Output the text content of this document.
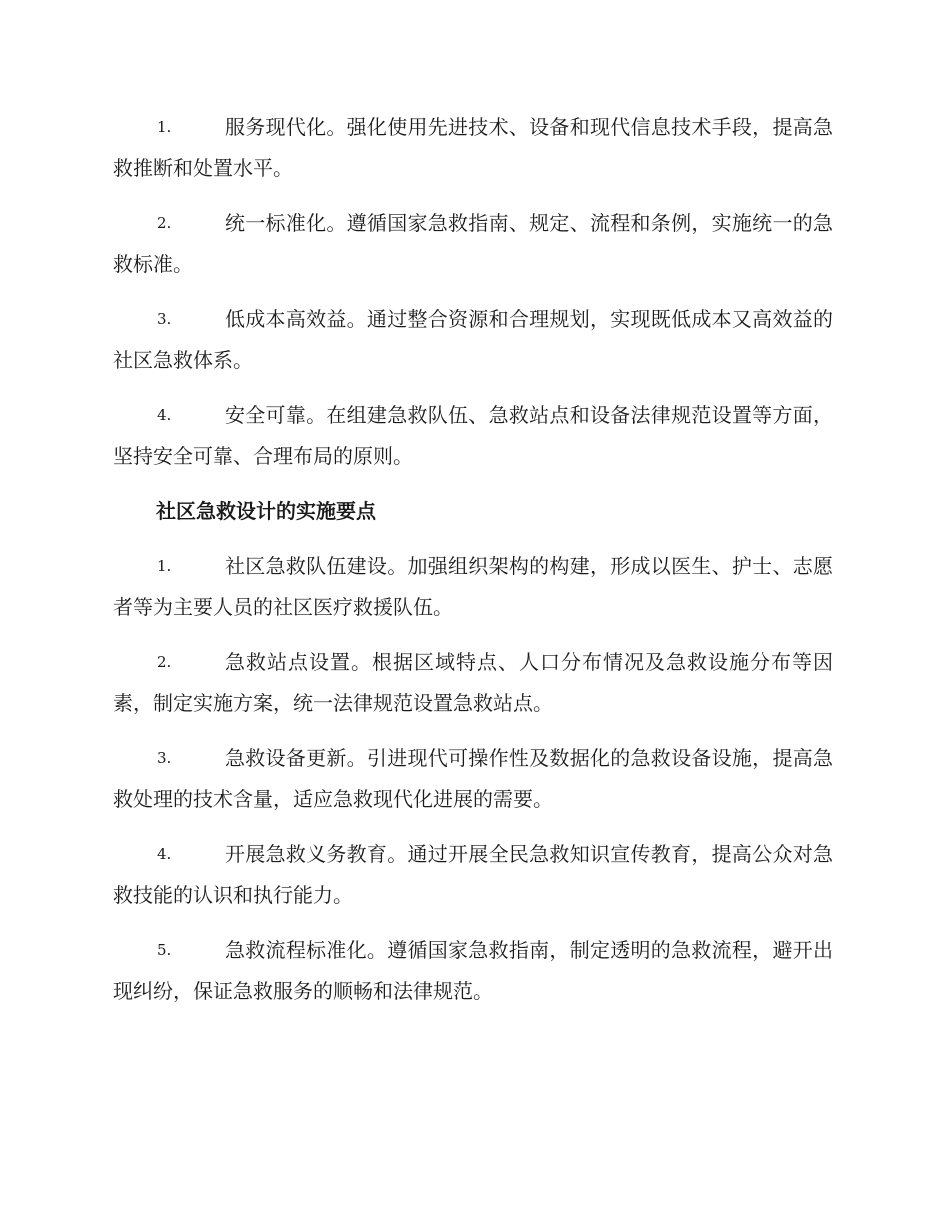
1.	服务现代化。强化使用先进技术、设备和现代信息技术手段，提高急救推断和处置水平。
2.	统一标准化。遵循国家急救指南、规定、流程和条例，实施统一的急救标准。
3.	低成本高效益。通过整合资源和合理规划，实现既低成本又高效益的社区急救体系。
4.	安全可靠。在组建急救队伍、急救站点和设备法律规范设置等方面，坚持安全可靠、合理布局的原则。
社区急救设计的实施要点
1.	社区急救队伍建设。加强组织架构的构建，形成以医生、护士、志愿者等为主要人员的社区医疗救援队伍。
2.	急救站点设置。根据区域特点、人口分布情况及急救设施分布等因素，制定实施方案，统一法律规范设置急救站点。
3.	急救设备更新。引进现代可操作性及数据化的急救设备设施，提高急救处理的技术含量，适应急救现代化进展的需要。
4.	开展急救义务教育。通过开展全民急救知识宣传教育，提高公众对急救技能的认识和执行能力。
5.	急救流程标准化。遵循国家急救指南，制定透明的急救流程，避开出现纠纷，保证急救服务的顺畅和法律规范。
